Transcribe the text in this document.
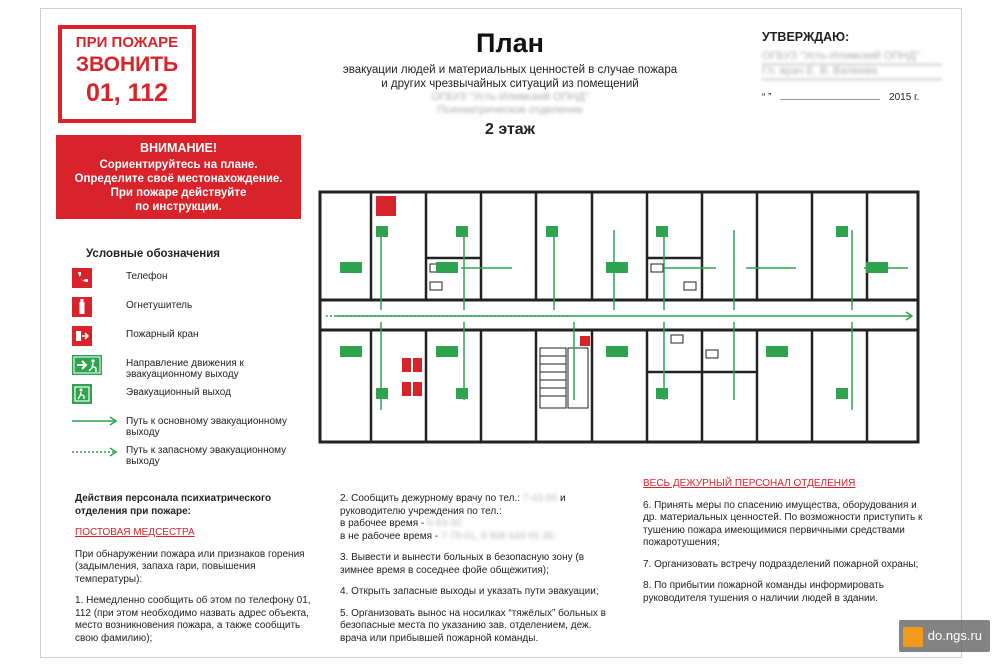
ПРИ ПОЖАРЕ
ЗВОНИТЬ
01, 112
ВНИМАНИЕ!
Сориентируйтесь на плане.
Определите своё местонахождение.
При пожаре действуйте
по инструкции.
План
эвакуации людей и материальных ценностей в случае пожара
и других чрезвычайных ситуаций из помещений
ОГБУЗ "Усть-Илимский ОПНД"
Психиатрическое отделение
2 этаж
УТВЕРЖДАЮ:
ОГБУЗ "Усть-Илимский ОПНД"
Гл. врач Е. В. Валеева
“ ”	2015 г.
Условные обозначения
Телефон
Огнетушитель
Пожарный кран
Направление движения к эвакуационному выходу
Эвакуационный выход
Путь к основному эвакуационному выходу
Путь к запасному эвакуационному выходу

Действия персонала психиатрического отделения при пожаре:

ПОСТОВАЯ МЕДСЕСТРА

При обнаружении пожара или признаков горения (задымления, запаха гари, повышения температуры):

1. Немедленно сообщить об этом по телефону 01, 112 (при этом необходимо назвать адрес объекта, место возникновения пожара, а также сообщить свою фамилию);

2. Сообщить дежурному врачу по тел.: 7-43-86 и руководителю учреждения по тел.:
в рабочее время - 6-63-30
в не рабочее время - 7-75-01, 8 908 649 65 35;

3. Вывести и вынести больных в безопасную зону (в зимнее время в соседнее фойе общежития);

4. Открыть запасные выходы и указать пути эвакуации;

5. Организовать вынос на носилках “тяжёлых” больных в безопасные места по указанию зав. отделением, деж. врача или прибывшей пожарной команды.

ВЕСЬ ДЕЖУРНЫЙ ПЕРСОНАЛ ОТДЕЛЕНИЯ

6. Принять меры по спасению имущества, оборудования и др. материальных ценностей. По возможности приступить к тушению пожара имеющимися первичными средствами пожаротушения;

7. Организовать встречу подразделений пожарной охраны;

8. По прибытии пожарной команды информировать руководителя тушения о наличии людей в здании.

do.ngs.ru
